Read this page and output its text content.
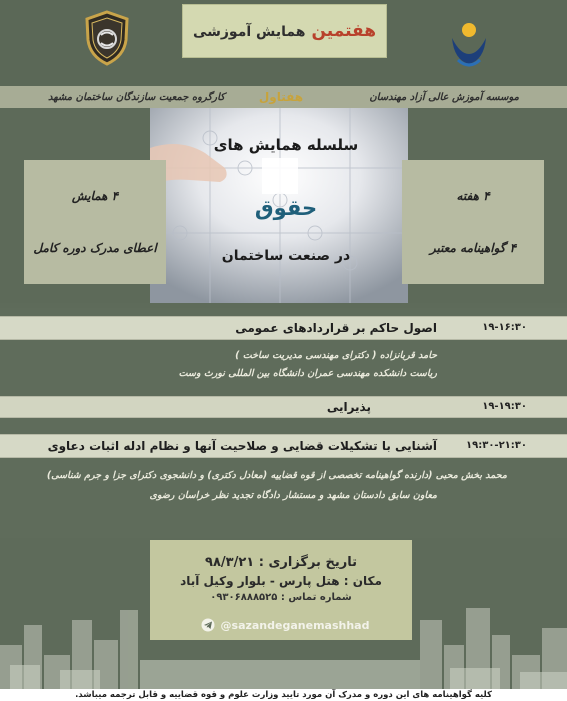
هفتمین
همایش آموزشی
موسسه آموزش عالی آزاد مهندسان
کارگروه جمعیت سازندگان ساختمان مشهد	هفتاول
۴ همایش
اعطای مدرک دوره کامل
۴ هفته
۴ گواهینامه معتبر
سلسله همایش های
حقوق
در صنعت ساختمان
۱۹-۱۶:۳۰
اصول حاکم بر قراردادهای عمومی
حامد قربانزاده ( دکترای مهندسی مدیریت ساخت )
ریاست دانشکده مهندسی عمران دانشگاه بین المللی نورث وست
۱۹-۱۹:۳۰
پذیرایی
۱۹:۳۰-۲۱:۳۰
آشنایی با تشکیلات قضایی و صلاحیت آنها و نظام ادله اثبات دعاوی
محمد بخش محبی (دارنده گواهینامه تخصصی از قوه قضاییه (معادل دکتری) و دانشجوی دکترای جزا و جرم شناسی)
معاون سابق دادستان مشهد و مستشار دادگاه تجدید نظر خراسان رضوی
تاریخ برگزاری : ۹۸/۳/۲۱
مکان : هتل پارس - بلوار وکیل آباد
شماره تماس : ۰۹۳۰۶۸۸۸۵۲۵
@sazandeganemashhad
کلیه گواهینامه های این دوره و مدرک آن مورد تایید وزارت علوم و قوه قضاییه و قابل ترجمه میباشد.
